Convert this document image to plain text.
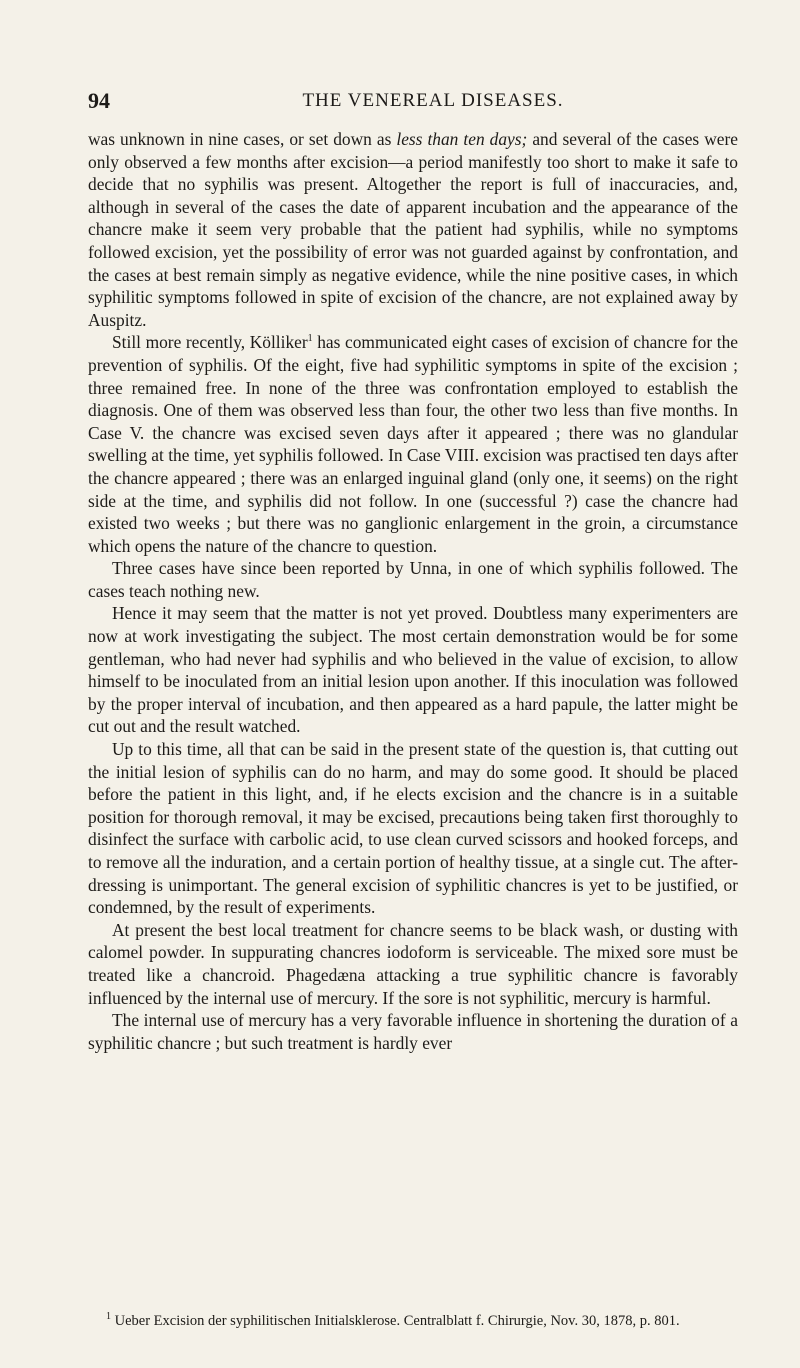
94	THE VENEREAL DISEASES.

was unknown in nine cases, or set down as less than ten days; and several of the cases were only observed a few months after excision—a period manifestly too short to make it safe to decide that no syphilis was present. Altogether the report is full of inaccuracies, and, although in several of the cases the date of apparent incubation and the appearance of the chancre make it seem very probable that the patient had syphilis, while no symptoms followed excision, yet the possibility of error was not guarded against by confrontation, and the cases at best remain simply as negative evidence, while the nine positive cases, in which syphilitic symptoms followed in spite of excision of the chancre, are not explained away by Auspitz.

Still more recently, Kölliker$^1$ has communicated eight cases of excision of chancre for the prevention of syphilis. Of the eight, five had syphilitic symptoms in spite of the excision ; three remained free. In none of the three was confrontation employed to establish the diagnosis. One of them was observed less than four, the other two less than five months. In Case V. the chancre was excised seven days after it appeared ; there was no glandular swelling at the time, yet syphilis followed. In Case VIII. excision was practised ten days after the chancre appeared ; there was an enlarged inguinal gland (only one, it seems) on the right side at the time, and syphilis did not follow. In one (successful ?) case the chancre had existed two weeks ; but there was no ganglionic enlargement in the groin, a circumstance which opens the nature of the chancre to question.

Three cases have since been reported by Unna, in one of which syphilis followed. The cases teach nothing new.

Hence it may seem that the matter is not yet proved. Doubtless many experimenters are now at work investigating the subject. The most certain demonstration would be for some gentleman, who had never had syphilis and who believed in the value of excision, to allow himself to be inoculated from an initial lesion upon another. If this inoculation was followed by the proper interval of incubation, and then appeared as a hard papule, the latter might be cut out and the result watched.

Up to this time, all that can be said in the present state of the question is, that cutting out the initial lesion of syphilis can do no harm, and may do some good. It should be placed before the patient in this light, and, if he elects excision and the chancre is in a suitable position for thorough removal, it may be excised, precautions being taken first thoroughly to disinfect the surface with carbolic acid, to use clean curved scissors and hooked forceps, and to remove all the induration, and a certain portion of healthy tissue, at a single cut. The after-dressing is unimportant. The general excision of syphilitic chancres is yet to be justified, or condemned, by the result of experiments.

At present the best local treatment for chancre seems to be black wash, or dusting with calomel powder. In suppurating chancres iodoform is serviceable. The mixed sore must be treated like a chancroid. Phagedæna attacking a true syphilitic chancre is favorably influenced by the internal use of mercury. If the sore is not syphilitic, mercury is harmful.

The internal use of mercury has a very favorable influence in shortening the duration of a syphilitic chancre ; but such treatment is hardly ever

$^1$ Ueber Excision der syphilitischen Initialsklerose. Centralblatt f. Chirurgie, Nov. 30, 1878, p. 801.
